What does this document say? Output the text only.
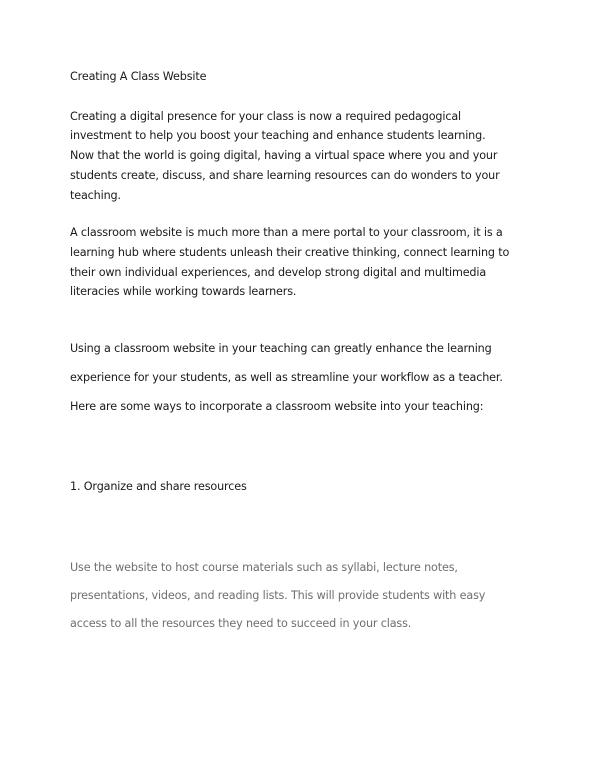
Creating A Class Website
Creating a digital presence for your class is now a required pedagogical
investment to help you boost your teaching and enhance students learning.
Now that the world is going digital, having a virtual space where you and your
students create, discuss, and share learning resources can do wonders to your
teaching.
A classroom website is much more than a mere portal to your classroom, it is a
learning hub where students unleash their creative thinking, connect learning to
their own individual experiences, and develop strong digital and multimedia
literacies while working towards learners.
Using a classroom website in your teaching can greatly enhance the learning
experience for your students, as well as streamline your workflow as a teacher.
Here are some ways to incorporate a classroom website into your teaching:
1. Organize and share resources
Use the website to host course materials such as syllabi, lecture notes,
presentations, videos, and reading lists. This will provide students with easy
access to all the resources they need to succeed in your class.
